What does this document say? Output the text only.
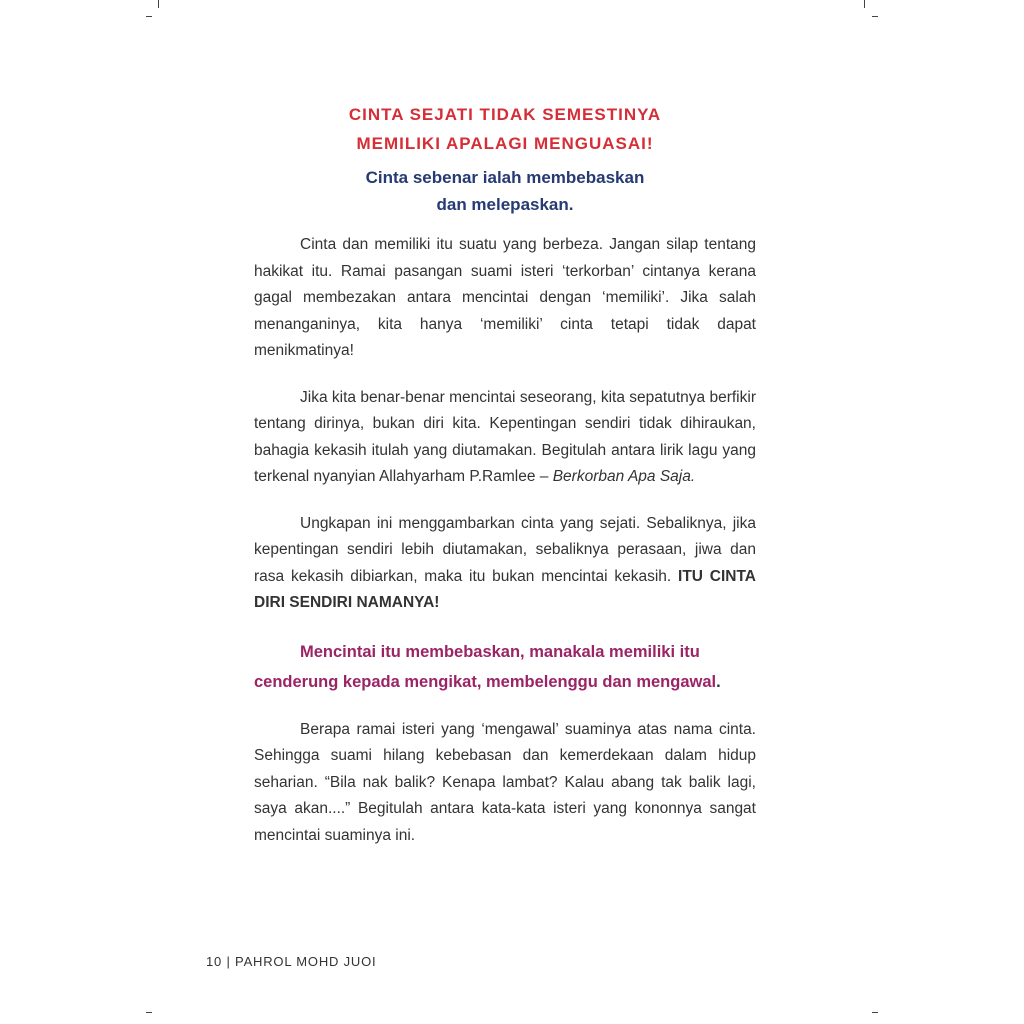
CINTA SEJATI TIDAK SEMESTINYA
MEMILIKI APALAGI MENGUASAI!
Cinta sebenar ialah membebaskan
dan melepaskan.

Cinta dan memiliki itu suatu yang berbeza. Jangan silap tentang hakikat itu. Ramai pasangan suami isteri ‘terkorban’ cintanya kerana gagal membezakan antara mencintai dengan ‘memiliki’. Jika salah menanganinya, kita hanya ‘memiliki’ cinta tetapi tidak dapat menikmatinya!

Jika kita benar-benar mencintai seseorang, kita sepatutnya berfikir tentang dirinya, bukan diri kita. Kepentingan sendiri tidak dihiraukan, bahagia kekasih itulah yang diutamakan. Begitulah antara lirik lagu yang terkenal nyanyian Allahyarham P.Ramlee – Berkorban Apa Saja.

Ungkapan ini menggambarkan cinta yang sejati. Sebaliknya, jika kepentingan sendiri lebih diutamakan, sebaliknya perasaan, jiwa dan rasa kekasih dibiarkan, maka itu bukan mencintai kekasih. ITU CINTA DIRI SENDIRI NAMANYA!

Mencintai itu membebaskan, manakala memiliki itu cenderung kepada mengikat, membelenggu dan mengawal.

Berapa ramai isteri yang ‘mengawal’ suaminya atas nama cinta. Sehingga suami hilang kebebasan dan kemerdekaan dalam hidup seharian. “Bila nak balik? Kenapa lambat? Kalau abang tak balik lagi, saya akan....” Begitulah antara kata-kata isteri yang kononnya sangat mencintai suaminya ini.

10 | PAHROL MOHD JUOI
